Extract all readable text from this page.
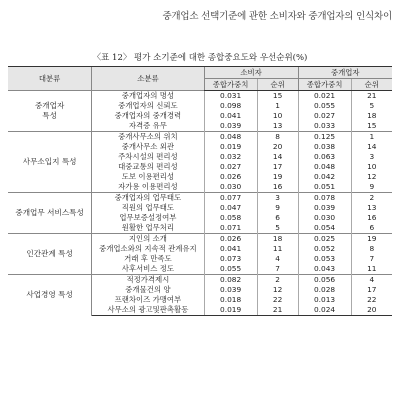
중개업소 선택기준에 관한 소비자와 중개업자의 인식차이
〈표 12〉 평가 소기준에 대한 종합중요도와 우선순위(%)
대분류	소분류	소비자		중개업자	
		종합가중치	순위	종합가중치	순위

중개업자
특성	중개업자의 명성	0.031	15	0.021	21
	중개업자의 신뢰도	0.098	1	0.055	5
	중개업자의 중개경력	0.041	10	0.027	18
	자격증 유무	0.039	13	0.033	15

사무소입지 특성	중개사무소의 위치	0.048	8	0.125	1
	중개사무소 외관	0.019	20	0.038	14
	주차시설의 편리성	0.032	14	0.063	3
	대중교통의 편리성	0.027	17	0.048	10
	도보 이용편리성	0.026	19	0.042	12
	자가용 이용편리성	0.030	16	0.051	9

중개업무 서비스특성	중개업자의 업무태도	0.077	3	0.078	2
	직원의 업무태도	0.047	9	0.039	13
	업무보증설정여부	0.058	6	0.030	16
	원활한 업무처리	0.071	5	0.054	6

인간관계 특성	지인의 소개	0.026	18	0.025	19
	중개업소와의 지속적 관계유지	0.041	11	0.052	8
	거래 후 만족도	0.073	4	0.053	7
	사후서비스 정도	0.055	7	0.043	11

사업경영 특성	적정가격제시	0.082	2	0.056	4
	중개물건의 양	0.039	12	0.028	17
	프랜차이즈 가맹여부	0.018	22	0.013	22
	사무소의 광고및판촉활동	0.019	21	0.024	20
